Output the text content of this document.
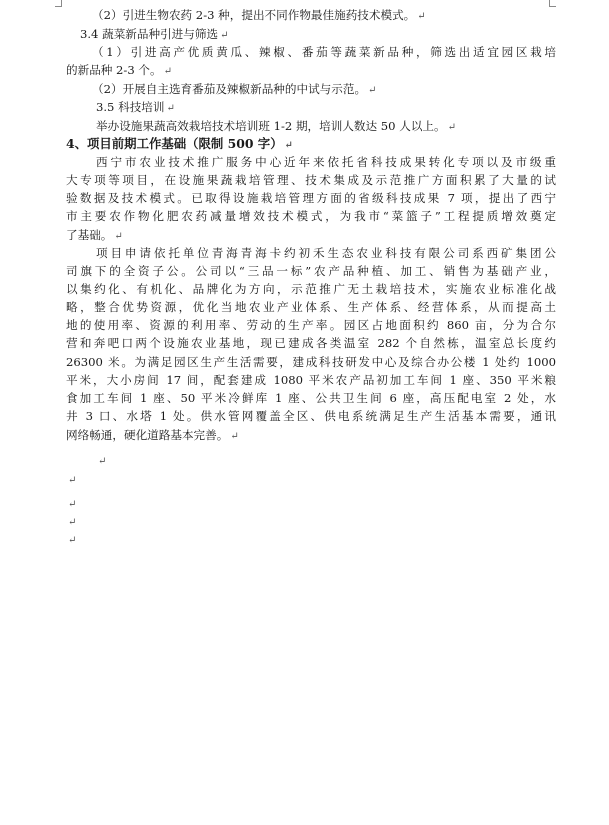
（2）引进生物农药 2-3 种，提出不同作物最佳施药技术模式。 ↵
3.4 蔬菜新品种引进与筛选 ↵
（1）引进高产优质黄瓜、辣椒、番茄等蔬菜新品种，筛选出适宜园区栽培
的新品种 2-3 个。 ↵
（2）开展自主选育番茄及辣椒新品种的中试与示范。 ↵
3.5 科技培训 ↵
举办设施果蔬高效栽培技术培训班 1-2 期，培训人数达 50 人以上。 ↵
4、项目前期工作基础（限制 500 字） ↵
西宁市农业技术推广服务中心近年来依托省科技成果转化专项以及市级重
大专项等项目，在设施果蔬栽培管理、技术集成及示范推广方面积累了大量的试
验数据及技术模式。已取得设施栽培管理方面的省级科技成果 7 项，提出了西宁
市主要农作物化肥农药减量增效技术模式，为我市“菜篮子”工程提质增效奠定
了基础。 ↵
项目申请依托单位青海青海卡约初禾生态农业科技有限公司系西矿集团公
司旗下的全资子公。公司以“三品一标”农产品种植、加工、销售为基础产业，
以集约化、有机化、品牌化为方向，示范推广无土栽培技术，实施农业标准化战
略，整合优势资源，优化当地农业产业体系、生产体系、经营体系，从而提高土
地的使用率、资源的利用率、劳动的生产率。园区占地面积约 860 亩，分为合尔
营和奔吧口两个设施农业基地，现已建成各类温室 282 个自然栋，温室总长度约
26300 米。为满足园区生产生活需要，建成科技研发中心及综合办公楼 1 处约 1000
平米，大小房间 17 间，配套建成 1080 平米农产品初加工车间 1 座、350 平米粮
食加工车间 1 座、50 平米冷鲜库 1 座、公共卫生间 6 座，高压配电室 2 处，水
井 3 口、水塔 1 处。供水管网覆盖全区、供电系统满足生产生活基本需要，通讯
网络畅通，硬化道路基本完善。 ↵
↵
↵
↵
↵
↵
